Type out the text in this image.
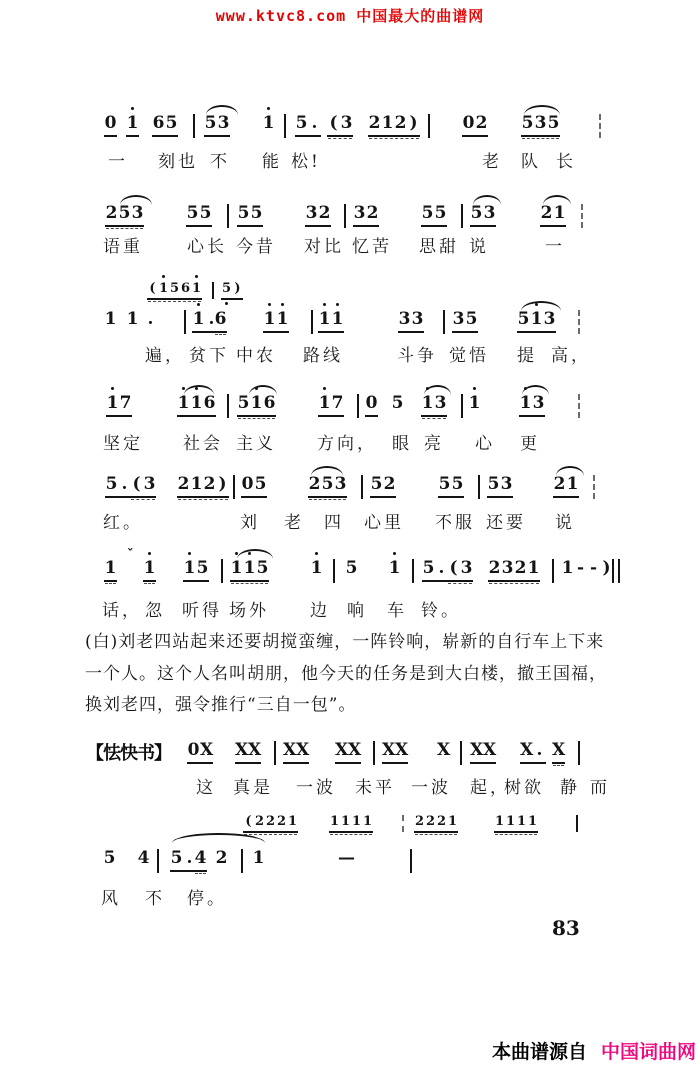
www.ktvc8.com 中国最大的曲谱网
0 1 65 53 1 5 . ( 3 212 )	02 535
一 刻也 不 能 松!	老 队 长
253	55 55	32 32	55 53	21
语重	心长 今昔 对比 忆苦 思甜 说	一
( 1 5 6 1 5 )
1 1 . 1 . 6 11 11	33 35 513
遍， 贫下 中农 路线	斗争 觉悟 提 高，
17	116 516	17 0 5 13 1 13
坚定 社会 主义 方向， 眼 亮 心 更
5 . ( 3 212 ) 05 253 52	55 53 21
红。	刘 老 四 心里 不服 还要 说
1
ˇ
1 15 115 1 5 1 5 . ( 3 2321 1 - - )
话， 忽 听得 场外 边 响 车 铃。
0X XX XX XX XX X XX X . X
这 真是 一波 未平 一波 起，
树欲 静 而
( 2 2 2 1	1 1 1 1	2 2 2 1	1 1 1 1
5 4 5 . 4 2 1	—
风 不 停。
【怯快书】
(白)刘老四站起来还要胡搅蛮缠，一阵铃响，崭新的自行车上下来
一个人。这个人名叫胡朋，他今天的任务是到大白楼，撤王国福，
换刘老四，强令推行“三自一包”。
83
本曲谱源自 中国词曲网
